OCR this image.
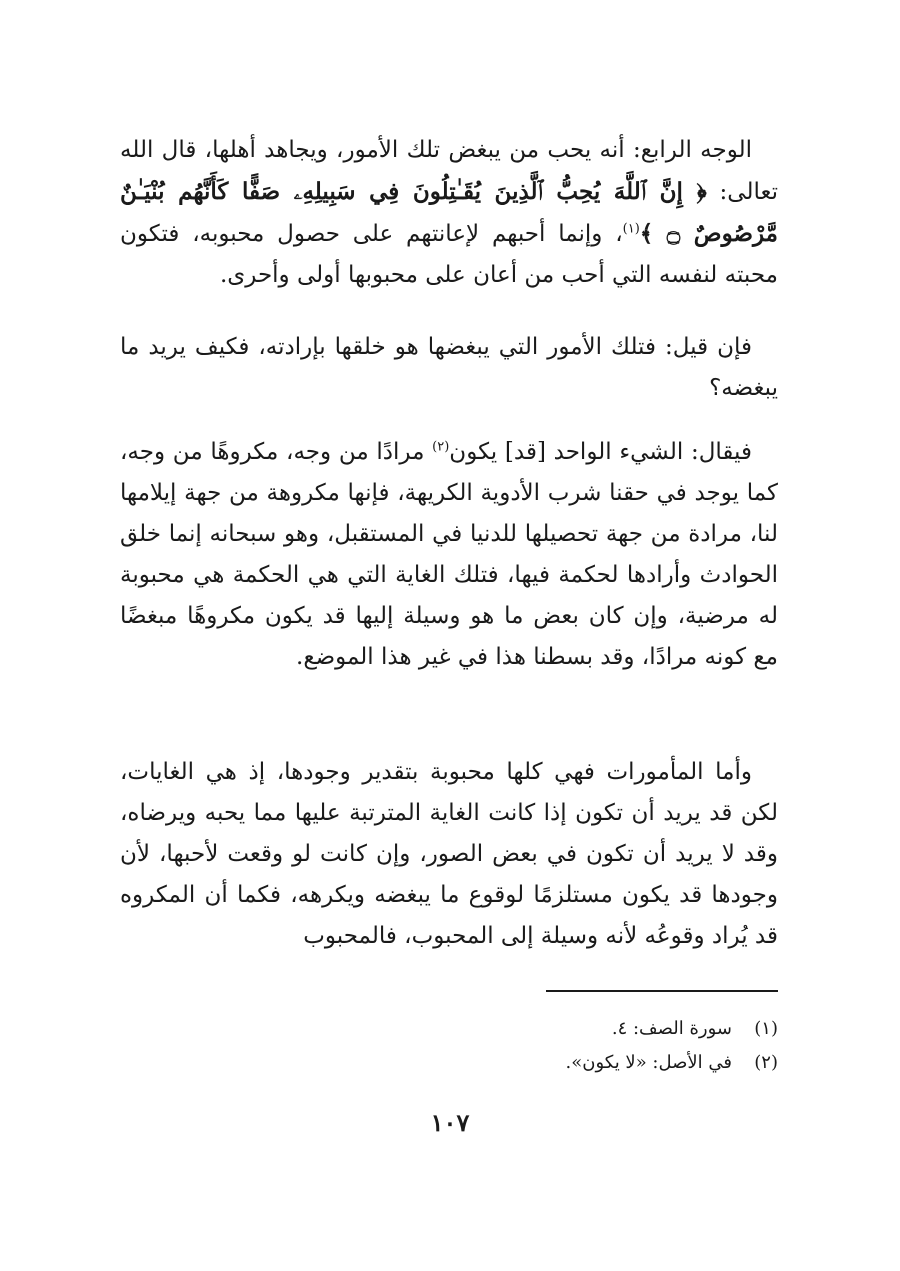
الوجه الرابع: أنه يحب من يبغض تلك الأمور، ويجاهد أهلها، قال الله تعالى: ﴿ إِنَّ ٱللَّهَ يُحِبُّ ٱلَّذِينَ يُقَـٰتِلُونَ فِي سَبِيلِهِۦ صَفًّا كَأَنَّهُم بُنْيَـٰنٌ مَّرْصُوصٌ ۝ ﴾$^{(١)}$، وإنما أحبهم لإعانتهم على حصول محبوبه، فتكون محبته لنفسه التي أحب من أعان على محبوبها أولى وأحرى.

فإن قيل: فتلك الأمور التي يبغضها هو خلقها بإرادته، فكيف يريد ما يبغضه؟

فيقال: الشيء الواحد [قد] يكون$^{(٢)}$ مرادًا من وجه، مكروهًا من وجه، كما يوجد في حقنا شرب الأدوية الكريهة، فإنها مكروهة من جهة إيلامها لنا، مرادة من جهة تحصيلها للدنيا في المستقبل، وهو سبحانه إنما خلق الحوادث وأرادها لحكمة فيها، فتلك الغاية التي هي الحكمة هي محبوبة له مرضية، وإن كان بعض ما هو وسيلة إليها قد يكون مكروهًا مبغضًا مع كونه مرادًا، وقد بسطنا هذا في غير هذا الموضع.

وأما المأمورات فهي كلها محبوبة بتقدير وجودها، إذ هي الغايات، لكن قد يريد أن تكون إذا كانت الغاية المترتبة عليها مما يحبه ويرضاه، وقد لا يريد أن تكون في بعض الصور، وإن كانت لو وقعت لأحبها، لأن وجودها قد يكون مستلزمًا لوقوع ما يبغضه ويكرهه، فكما أن المكروه قد يُراد وقوعُه لأنه وسيلة إلى المحبوب، فالمحبوب

(١)
سورة الصف: ٤.
(٢)
في الأصل: «لا يكون».
١٠٧
